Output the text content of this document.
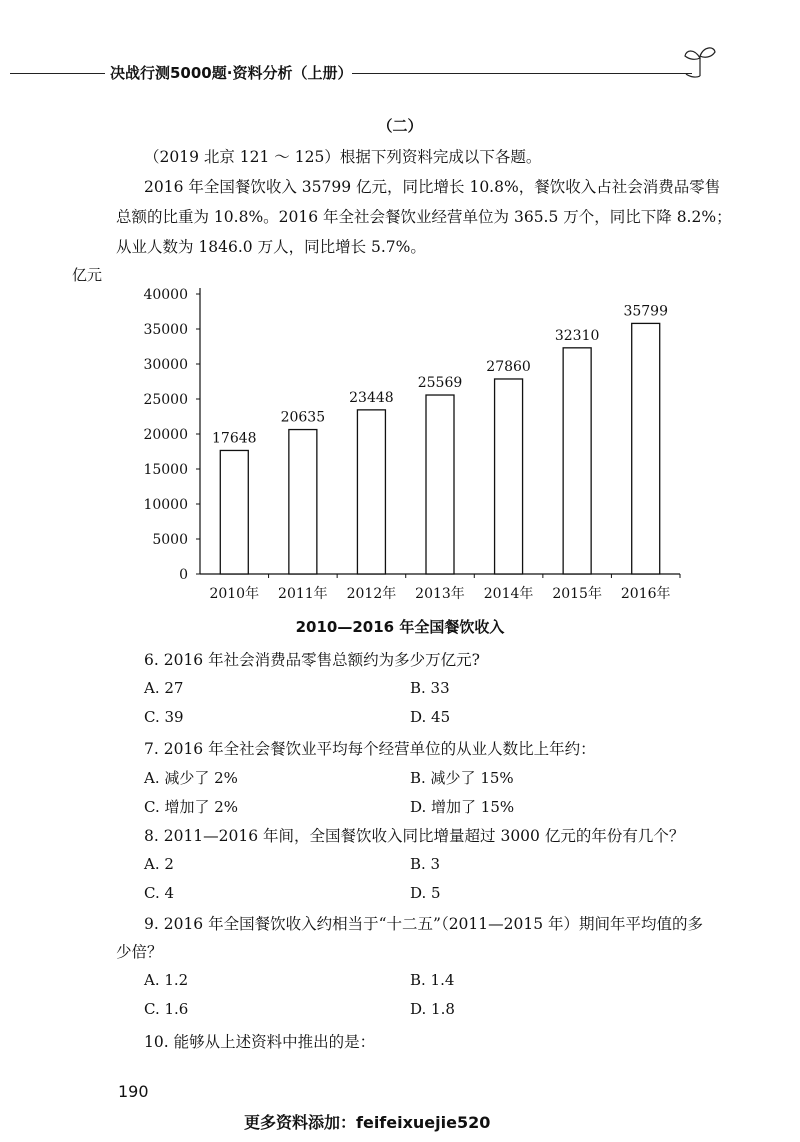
决战行测5000题·资料分析（上册）
（二）
（2019 北京 121 ～ 125）根据下列资料完成以下各题。
2016 年全国餐饮收入 35799 亿元，同比增长 10.8%，餐饮收入占社会消费品零售
总额的比重为 10.8%。2016 年全社会餐饮业经营单位为 365.5 万个，同比下降 8.2%；
从业人数为 1846.0 万人，同比增长 5.7%。
亿元
0
5000
10000
15000
20000
25000
30000
35000
40000
17648
2010年
20635
2011年
23448
2012年
25569
2013年
27860
2014年
32310
2015年
35799
2016年
2010—2016 年全国餐饮收入
6. 2016 年社会消费品零售总额约为多少万亿元?
A. 27	B. 33
C. 39	D. 45
7. 2016 年全社会餐饮业平均每个经营单位的从业人数比上年约：
A. 减少了 2%	B. 减少了 15%
C. 增加了 2%	D. 增加了 15%
8. 2011—2016 年间，全国餐饮收入同比增量超过 3000 亿元的年份有几个？
A. 2	B. 3
C. 4	D. 5
9. 2016 年全国餐饮收入约相当于“十二五”（2011—2015 年）期间年平均值的多
少倍？
A. 1.2	B. 1.4
C. 1.6	D. 1.8
10. 能够从上述资料中推出的是：
190
更多资料添加：feifeixuejie520
